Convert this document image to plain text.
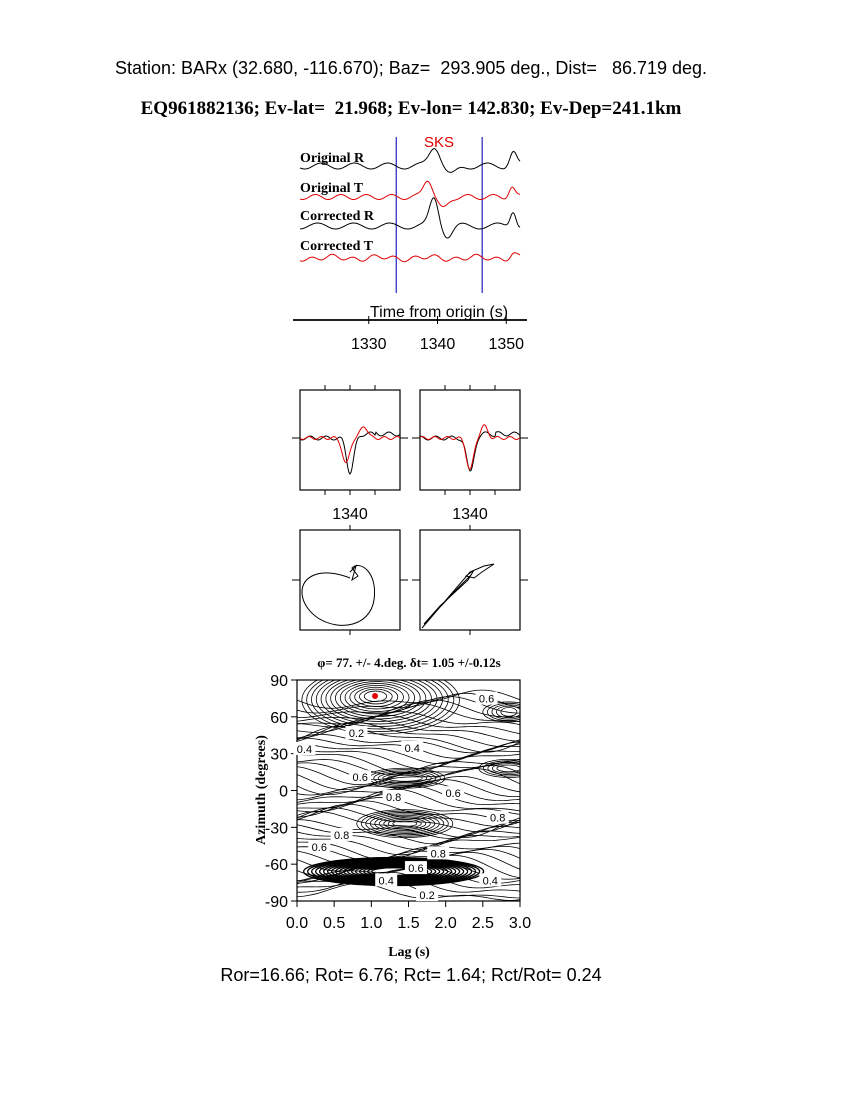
Station: BARx (32.680, -116.670); Baz=  293.905 deg., Dist=   86.719 deg.
EQ961882136; Ev-lat=  21.968; Ev-lon= 142.830; Ev-Dep=241.1km
SKS
Original R
Original T
Corrected R
Corrected T
Time from origin (s)
1330 1340 1350
1340	1340
φ= 77. +/- 4.deg. δt= 1.05 +/-0.12s
0.0 0.5 1.0 1.5 2.0 2.5 3.0
90
60
30
0
-30
-60
-90
0.6
0.2
0.4	0.4
0.6
0.8	0.6
0.8
0.8
0.6
0.8
0.6
0.4	0.4
0.2
Lag (s)
Azimuth (degrees)
Ror=16.66; Rot= 6.76; Rct= 1.64; Rct/Rot= 0.24
